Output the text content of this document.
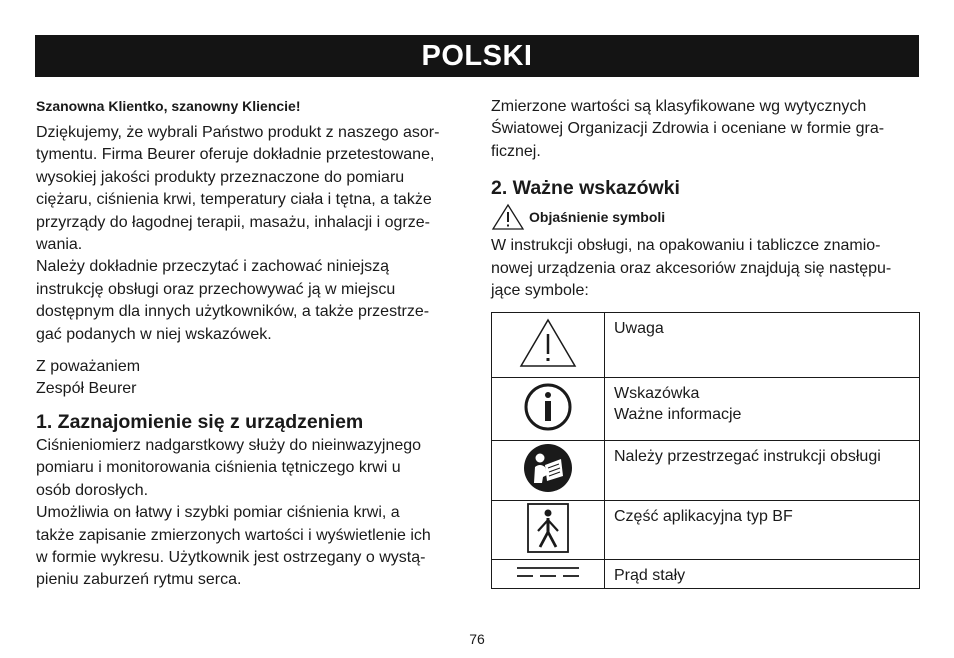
POLSKI

Szanowna Klientko, szanowny Kliencie!

Dziękujemy, że wybrali Państwo produkt z naszego asor-

tymentu. Firma Beurer oferuje dokładnie przetestowane,

wysokiej jakości produkty przeznaczone do pomiaru

ciężaru, ciśnienia krwi, temperatury ciała i tętna, a także

przyrządy do łagodnej terapii, masażu, inhalacji i ogrze-

wania.

Należy dokładnie przeczytać i zachować niniejszą

instrukcję obsługi oraz przechowywać ją w miejscu

dostępnym dla innych użytkowników, a także przestrze-

gać podanych w niej wskazówek.

Z poważaniem

Zespół Beurer

1. Zaznajomienie się z urządzeniem

Ciśnieniomierz nadgarstkowy służy do nieinwazyjnego

pomiaru i monitorowania ciśnienia tętniczego krwi u

osób dorosłych.

Umożliwia on łatwy i szybki pomiar ciśnienia krwi, a

także zapisanie zmierzonych wartości i wyświetlenie ich

w formie wykresu. Użytkownik jest ostrzegany o wystą-

pieniu zaburzeń rytmu serca.

Zmierzone wartości są klasyfikowane wg wytycznych

Światowej Organizacji Zdrowia i oceniane w formie gra-

ficznej.

2. Ważne wskazówki
Objaśnienie symboli

W instrukcji obsługi, na opakowaniu i tabliczce znamio-

nowej urządzenia oraz akcesoriów znajdują się następu-

jące symbole:

Uwaga

Wskazówka
Ważne informacje

Należy przestrzegać instrukcji obsługi

Część aplikacyjna typ BF

Prąd stały
76
